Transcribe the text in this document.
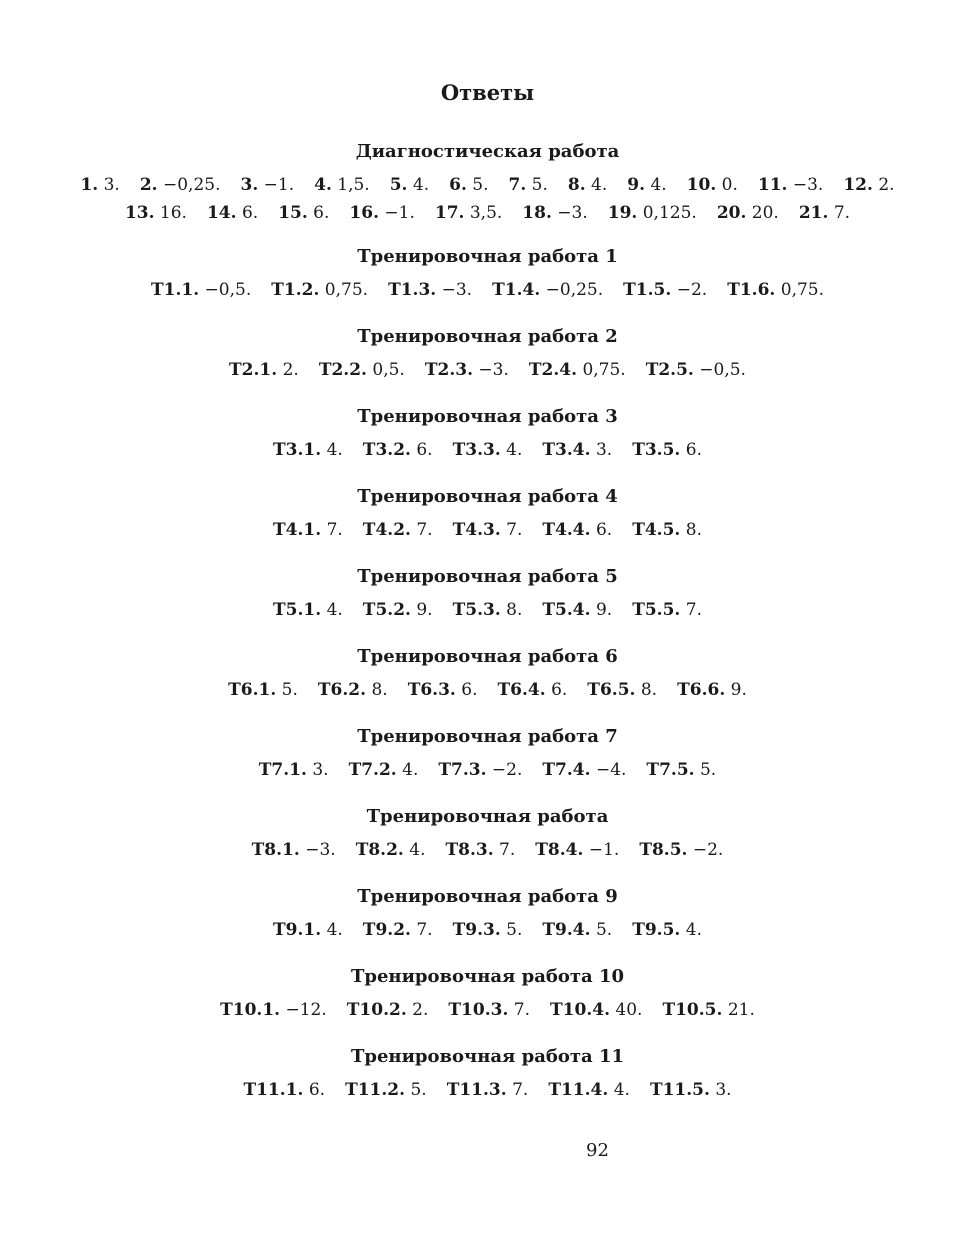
Ответы
Диагностическая работа
1. 3. 2. −0,25. 3. −1. 4. 1,5. 5. 4. 6. 5. 7. 5. 8. 4. 9. 4. 10. 0. 11. −3. 12. 2.
13. 16. 14. 6. 15. 6. 16. −1. 17. 3,5. 18. −3. 19. 0,125. 20. 20. 21. 7.
Тренировочная работа 1
T1.1. −0,5. T1.2. 0,75. T1.3. −3. T1.4. −0,25. T1.5. −2. T1.6. 0,75.
Тренировочная работа 2
T2.1. 2. T2.2. 0,5. T2.3. −3. T2.4. 0,75. T2.5. −0,5.
Тренировочная работа 3
T3.1. 4. T3.2. 6. T3.3. 4. T3.4. 3. T3.5. 6.
Тренировочная работа 4
T4.1. 7. T4.2. 7. T4.3. 7. T4.4. 6. T4.5. 8.
Тренировочная работа 5
T5.1. 4. T5.2. 9. T5.3. 8. T5.4. 9. T5.5. 7.
Тренировочная работа 6
T6.1. 5. T6.2. 8. T6.3. 6. T6.4. 6. T6.5. 8. T6.6. 9.
Тренировочная работа 7
T7.1. 3. T7.2. 4. T7.3. −2. T7.4. −4. T7.5. 5.
Тренировочная работа
T8.1. −3. T8.2. 4. T8.3. 7. T8.4. −1. T8.5. −2.
Тренировочная работа 9
T9.1. 4. T9.2. 7. T9.3. 5. T9.4. 5. T9.5. 4.
Тренировочная работа 10
T10.1. −12. T10.2. 2. T10.3. 7. T10.4. 40. T10.5. 21.
Тренировочная работа 11
T11.1. 6. T11.2. 5. T11.3. 7. T11.4. 4. T11.5. 3.
92
